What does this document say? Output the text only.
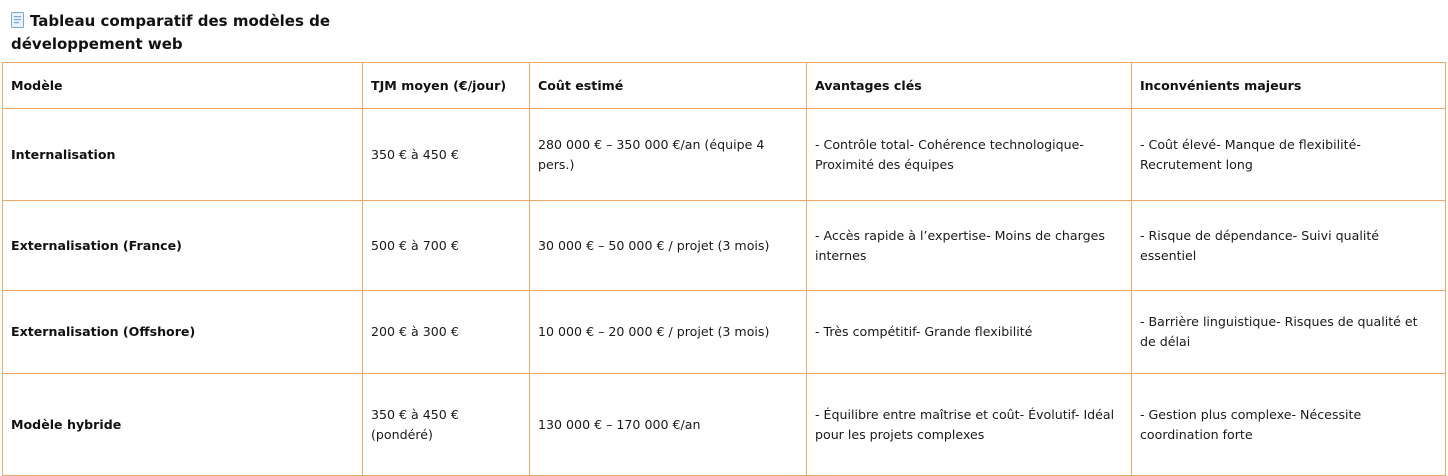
Tableau comparatif des modèles de développement web
Modèle	TJM moyen (€/jour)	Coût estimé	Avantages clés	Inconvénients majeurs
Internalisation	350 € à 450 €	280 000 € – 350 000 €/an (équipe 4 pers.)	- Contrôle total- Cohérence technologique- Proximité des équipes	- Coût élevé- Manque de flexibilité- Recrutement long
Externalisation (France)	500 € à 700 €	30 000 € – 50 000 € / projet (3 mois)	- Accès rapide à l’expertise- Moins de charges internes	- Risque de dépendance- Suivi qualité essentiel
Externalisation (Offshore)	200 € à 300 €	10 000 € – 20 000 € / projet (3 mois)	- Très compétitif- Grande flexibilité	- Barrière linguistique- Risques de qualité et de délai
Modèle hybride	350 € à 450 € (pondéré)	130 000 € – 170 000 €/an	- Équilibre entre maîtrise et coût- Évolutif- Idéal pour les projets complexes	- Gestion plus complexe- Nécessite coordination forte
